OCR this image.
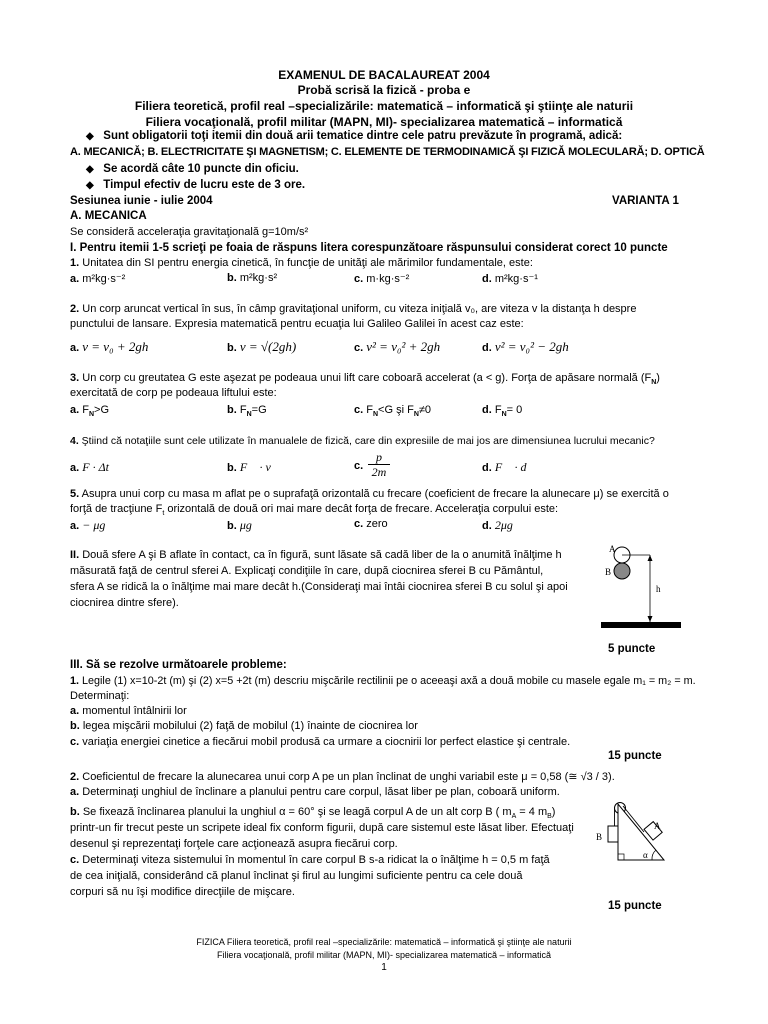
EXAMENUL DE BACALAUREAT 2004
Probă scrisă la fizică - proba e
Filiera teoretică, profil real –specializările: matematică – informatică şi ştiinţe ale naturii
Filiera vocaţională, profil militar (MAPN, MI)- specializarea matematică – informatică
◆ Sunt obligatorii toţi itemii din două arii tematice dintre cele patru prevăzute în programă, adică:
A. MECANICĂ; B. ELECTRICITATE ŞI MAGNETISM; C. ELEMENTE DE TERMODINAMICĂ ŞI FIZICĂ MOLECULARĂ; D. OPTICĂ
◆ Se acordă câte 10 puncte din oficiu.
◆ Timpul efectiv de lucru este de 3 ore.
Sesiunea iunie - iulie 2004	VARIANTA 1
A. MECANICA
Se consideră acceleraţia gravitaţională g=10m/s²
I. Pentru itemii 1-5 scrieţi pe foaia de răspuns litera corespunzătoare răspunsului considerat corect 10 puncte
1. Unitatea din SI pentru energia cinetică, în funcţie de unităţi ale mărimilor fundamentale, este:
a. m²kg·s⁻²	b. m²kg·s²	c. m·kg·s⁻²	d. m²kg·s⁻¹
2. Un corp aruncat vertical în sus, în câmp gravitaţional uniform, cu viteza iniţială v₀, are viteza v la distanţa h despre
punctului de lansare. Expresia matematică pentru ecuaţia lui Galileo Galilei în acest caz este:
a. v = v₀ + 2gh	b. v = √(2gh)	c. v² = v₀² + 2gh	d. v² = v₀² − 2gh
3. Un corp cu greutatea G este aşezat pe podeaua unui lift care coboară accelerat (a < g). Forţa de apăsare normală $(F_N)$
exercitată de corp pe podeaua liftului este:
a. $F_N>G$	b. $F_N=G$	c. $F_N<G$ şi $F_N\ne 0$	d. $F_N= 0$
4. Ştiind că notaţiile sunt cele utilizate în manualele de fizică, care din expresiile de mai jos are dimensiunea lucrului mecanic?
a. F · Δt	b. F⃗ · v⃗	c. $\frac{p}{2m}$	d. F⃗ · d⃗
5. Asupra unui corp cu masa m aflat pe o suprafaţă orizontală cu frecare (coeficient de frecare la alunecare μ) se exercită o
forţă de tracţiune $F_t$ orizontală de două ori mai mare decât forţa de frecare. Acceleraţia corpului este:
a. − μg	b. μg	c. zero	d. 2μg
II. Două sfere A şi B aflate în contact, ca în figură, sunt lăsate să cadă liber de la o anumită înălţime h
măsurată faţă de centrul sferei A. Explicaţi condiţiile în care, după ciocnirea sferei B cu Pământul,
sfera A se ridică la o înălţime mai mare decât h.(Consideraţi mai întâi ciocnirea sferei B cu solul şi apoi
ciocnirea dintre sfere).
A
B
h
5 puncte
III. Să se rezolve următoarele probleme:
1. Legile (1) x=10-2t (m) şi (2) x=5 +2t (m) descriu mişcările rectilinii pe o aceeaşi axă a două mobile cu masele egale m₁ = m₂ = m.
Determinaţi:
a. momentul întâlnirii lor
b. legea mişcării mobilului (2) faţă de mobilul (1) înainte de ciocnirea lor
c. variaţia energiei cinetice a fiecărui mobil produsă ca urmare a ciocnirii lor perfect elastice şi centrale.
15 puncte
2. Coeficientul de frecare la alunecarea unui corp A pe un plan înclinat de unghi variabil este μ = 0,58 (≅ √3 / 3).
a. Determinaţi unghiul de înclinare a planului pentru care corpul, lăsat liber pe plan, coboară uniform.
b. Se fixează înclinarea planului la unghiul α = 60° şi se leagă corpul A de un alt corp B ( $m_A = 4$ $m_B$)
printr-un fir trecut peste un scripete ideal fix conform figurii, după care sistemul este lăsat liber. Efectuaţi
desenul şi reprezentaţi forţele care acţionează asupra fiecărui corp.
c. Determinaţi viteza sistemului în momentul în care corpul B s-a ridicat la o înălţime h = 0,5 m faţă
de cea iniţială, considerând că planul înclinat şi firul au lungimi suficiente pentru ca cele două
corpuri să nu îşi modifice direcţiile de mişcare.
B
A
α
15 puncte
FIZICA Filiera teoretică, profil real –specializările: matematică – informatică şi ştiinţe ale naturii
Filiera vocaţională, profil militar (MAPN, MI)- specializarea matematică – informatică
1
